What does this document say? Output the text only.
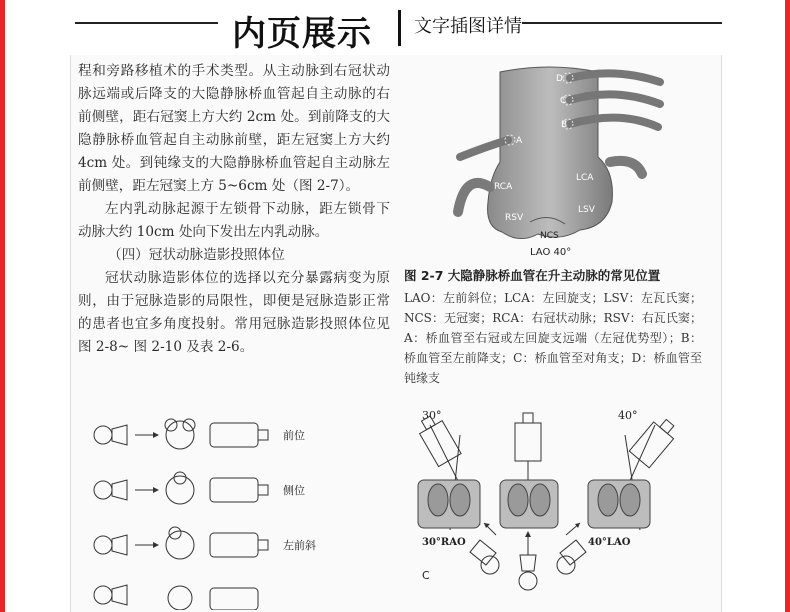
内页展示 文字插图详情

程和旁路移植术的手术类型。从主动脉到右冠状动脉远端或后降支的大隐静脉桥血管起自主动脉的右前侧壁，距右冠窦上方大约 2cm 处。到前降支的大隐静脉桥血管起自主动脉前壁，距左冠窦上方大约 4cm 处。到钝缘支的大隐静脉桥血管起自主动脉左前侧壁，距左冠窦上方 5~6cm 处（图 2-7）。

左内乳动脉起源于左锁骨下动脉，距左锁骨下动脉大约 10cm 处向下发出左内乳动脉。

（四）冠状动脉造影投照体位

冠状动脉造影体位的选择以充分暴露病变为原则，由于冠脉造影的局限性，即便是冠脉造影正常的患者也宜多角度投射。常用冠脉造影投照体位见图 2-8~ 图 2-10 及表 2-6。

D
C
B
A
LCA
RCA
LSV
RSV
NCS
LAO 40°
图 2-7 大隐静脉桥血管在升主动脉的常见位置
LAO：左前斜位；LCA：左回旋支；LSV：左瓦氏窦；NCS：无冠窦；RCA：右冠状动脉；RSV：右瓦氏窦；A：桥血管至右冠或左回旋支远端（左冠优势型）；B：桥血管至左前降支；C：桥血管至对角支；D：桥血管至钝缘支
前位
侧位
左前斜
30°	40°
30°RAO	40°LAO
C
